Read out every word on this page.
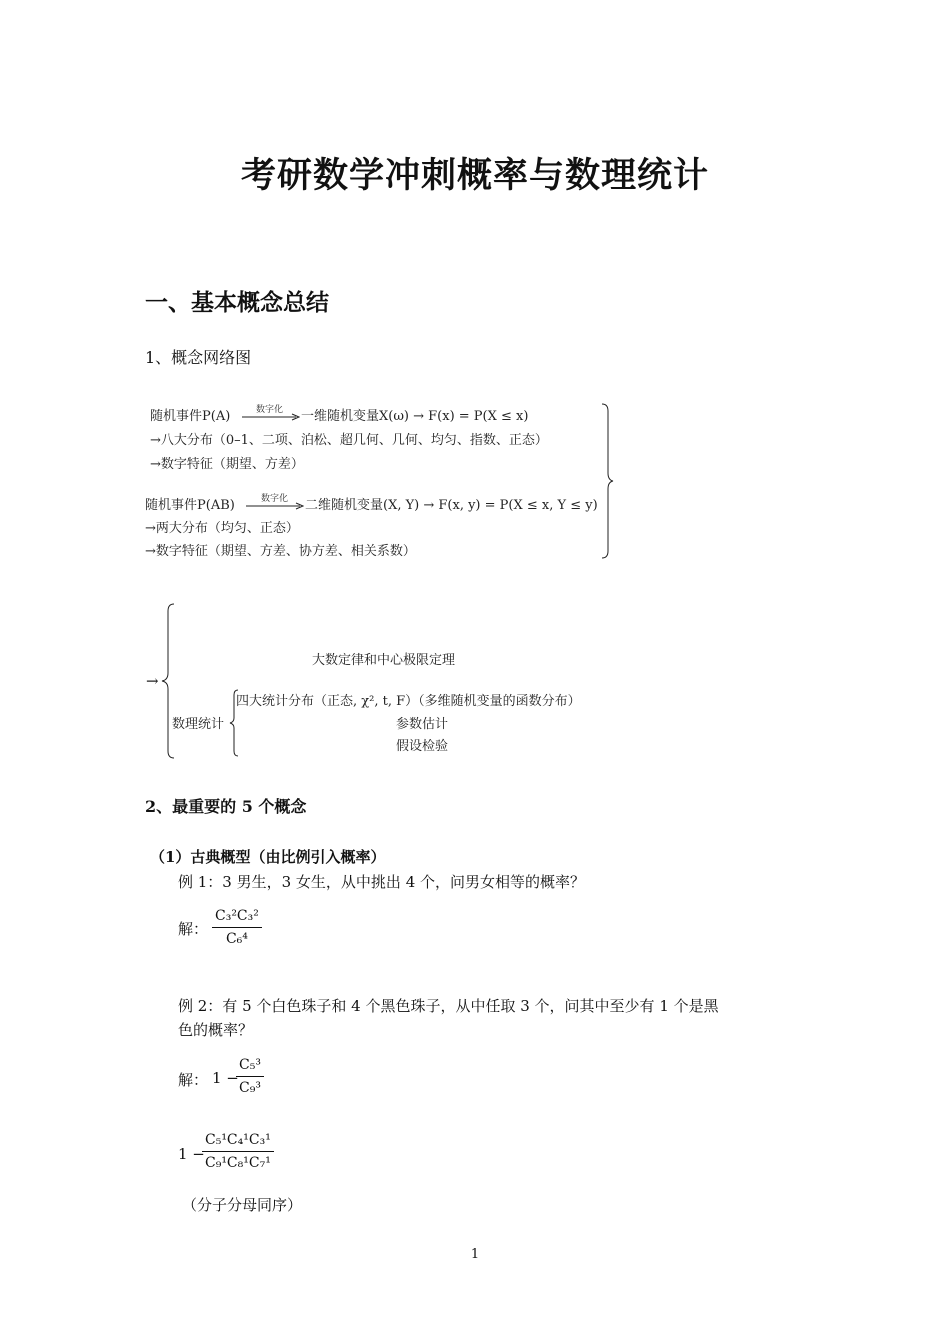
考研数学冲刺概率与数理统计
一、基本概念总结
1、概念网络图
随机事件P(A)	数字化 一维随机变量X(ω) → F(x) = P(X ≤ x)
→八大分布（0–1、二项、泊松、超几何、几何、均匀、指数、正态）
→数字特征（期望、方差）
随机事件P(AB)	数字化 二维随机变量(X, Y) → F(x, y) = P(X ≤ x, Y ≤ y)
→两大分布（均匀、正态）
→数字特征（期望、方差、协方差、相关系数）
→
大数定律和中心极限定理
数理统计
四大统计分布（正态, χ², t, F）（多维随机变量的函数分布）
参数估计
假设检验
2、最重要的 5 个概念
（1）古典概型（由比例引入概率）
例 1：3 男生，3 女生，从中挑出 4 个，问男女相等的概率？
解：
C₃²C₃²
C₆⁴
例 2：有 5 个白色珠子和 4 个黑色珠子，从中任取 3 个，问其中至少有 1 个是黑
色的概率？
解： 1 −
C₅³
C₉³
1 −
C₅¹C₄¹C₃¹
C₉¹C₈¹C₇¹
（分子分母同序）
1
